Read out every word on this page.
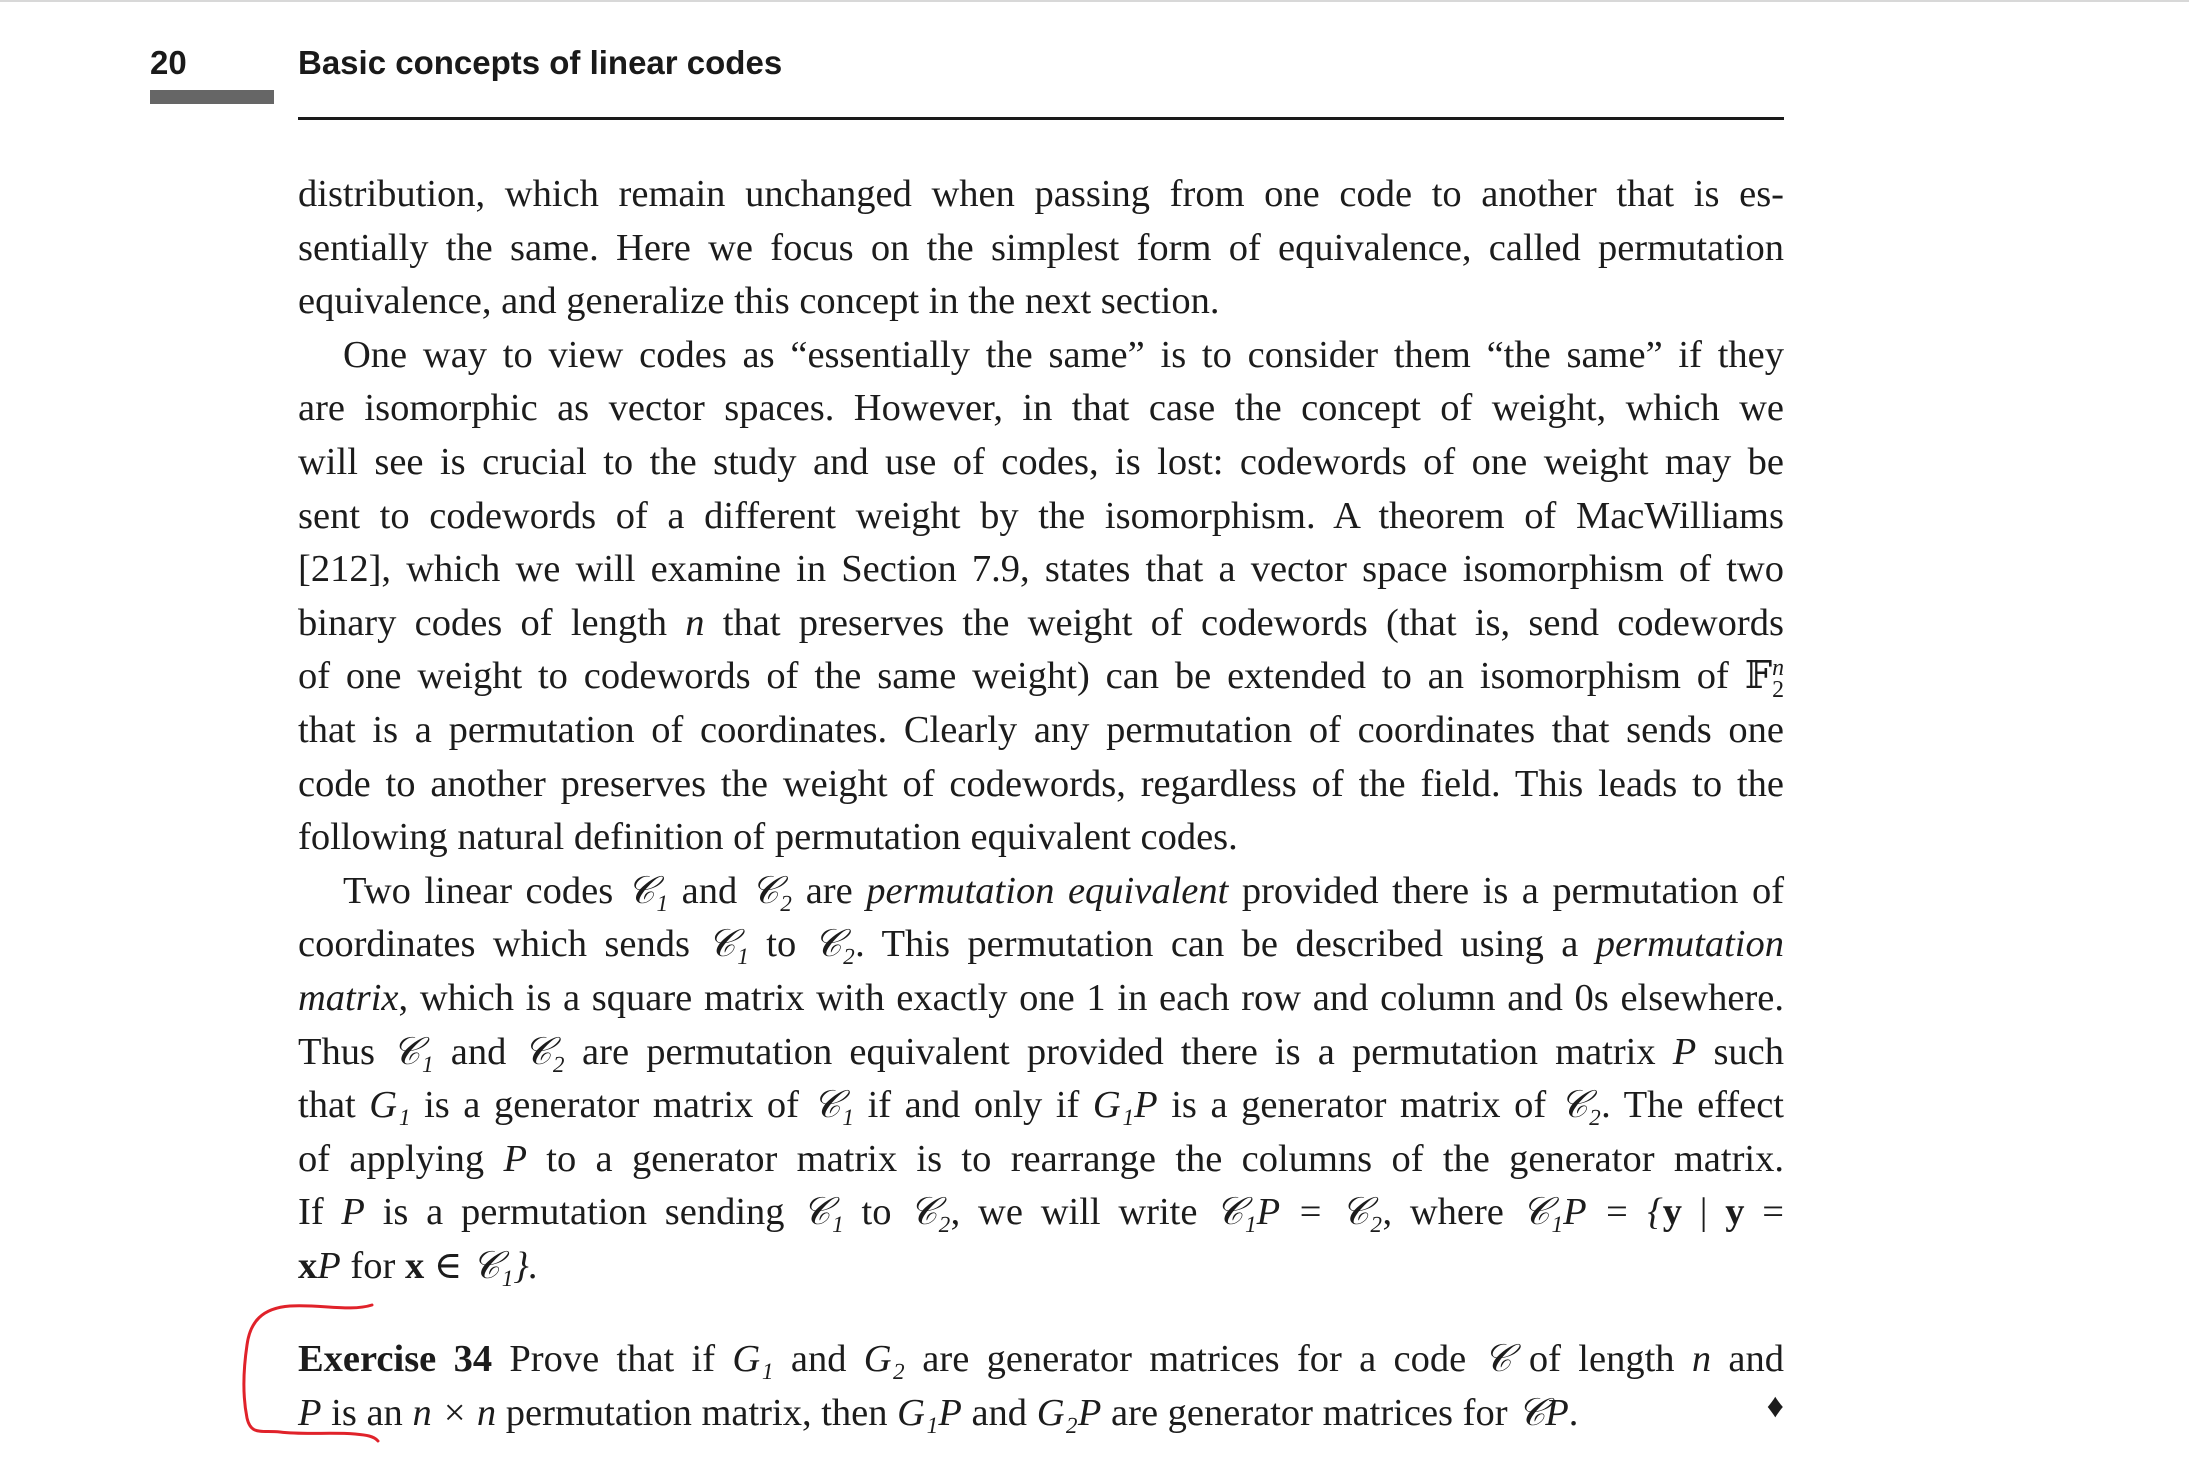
20	Basic concepts of linear codes

distribution, which remain unchanged when passing from one code to another that is es-
sentially the same. Here we focus on the simplest form of equivalence, called permutation
equivalence, and generalize this concept in the next section.

One way to view codes as “essentially the same” is to consider them “the same” if they
are isomorphic as vector spaces. However, in that case the concept of weight, which we
will see is crucial to the study and use of codes, is lost: codewords of one weight may be
sent to codewords of a different weight by the isomorphism. A theorem of MacWilliams
[212], which we will examine in Section 7.9, states that a vector space isomorphism of two
binary codes of length n that preserves the weight of codewords (that is, send codewords
of one weight to codewords of the same weight) can be extended to an isomorphism of 𝔽 n
2
that is a permutation of coordinates. Clearly any permutation of coordinates that sends one
code to another preserves the weight of codewords, regardless of the field. This leads to the
following natural definition of permutation equivalent codes.

Two linear codes 𝒞₁ and 𝒞₂ are permutation equivalent provided there is a permutation of
coordinates which sends 𝒞₁ to 𝒞₂. This permutation can be described using a permutation
matrix, which is a square matrix with exactly one 1 in each row and column and 0s elsewhere.
Thus 𝒞₁ and 𝒞₂ are permutation equivalent provided there is a permutation matrix P such
that G₁ is a generator matrix of 𝒞₁ if and only if G₁P is a generator matrix of 𝒞₂. The effect
of applying P to a generator matrix is to rearrange the columns of the generator matrix.
If P is a permutation sending 𝒞₁ to 𝒞₂, we will write 𝒞₁P = 𝒞₂, where 𝒞₁P = {y | y =
xP for x ∈ 𝒞₁}.

Exercise 34 Prove that if G₁ and G₂ are generator matrices for a code 𝒞 of length n and
P is an n × n permutation matrix, then G₁P and G₂P are generator matrices for 𝒞P.	♦
